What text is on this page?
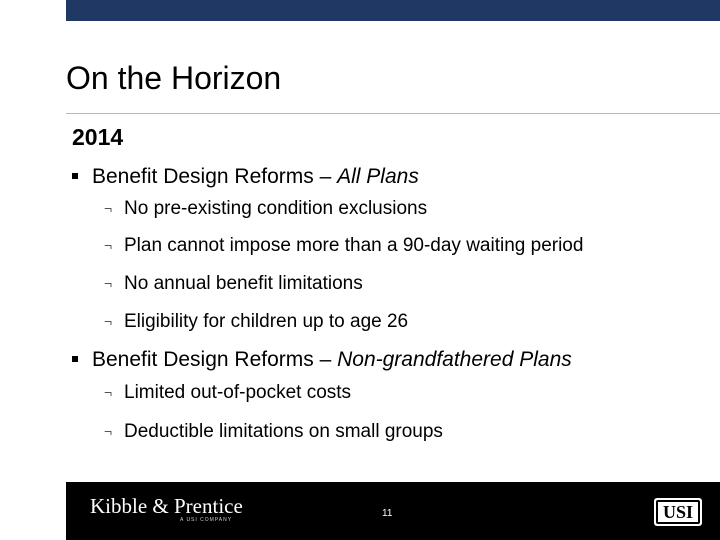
On the Horizon
2014
Benefit Design Reforms – All Plans
¬ No pre-existing condition exclusions
¬ Plan cannot impose more than a 90-day waiting period
¬ No annual benefit limitations
¬ Eligibility for children up to age 26
Benefit Design Reforms – Non-grandfathered Plans
¬ Limited out-of-pocket costs
¬ Deductible limitations on small groups
Kibble & Prentice
A USI COMPANY
11	USI
